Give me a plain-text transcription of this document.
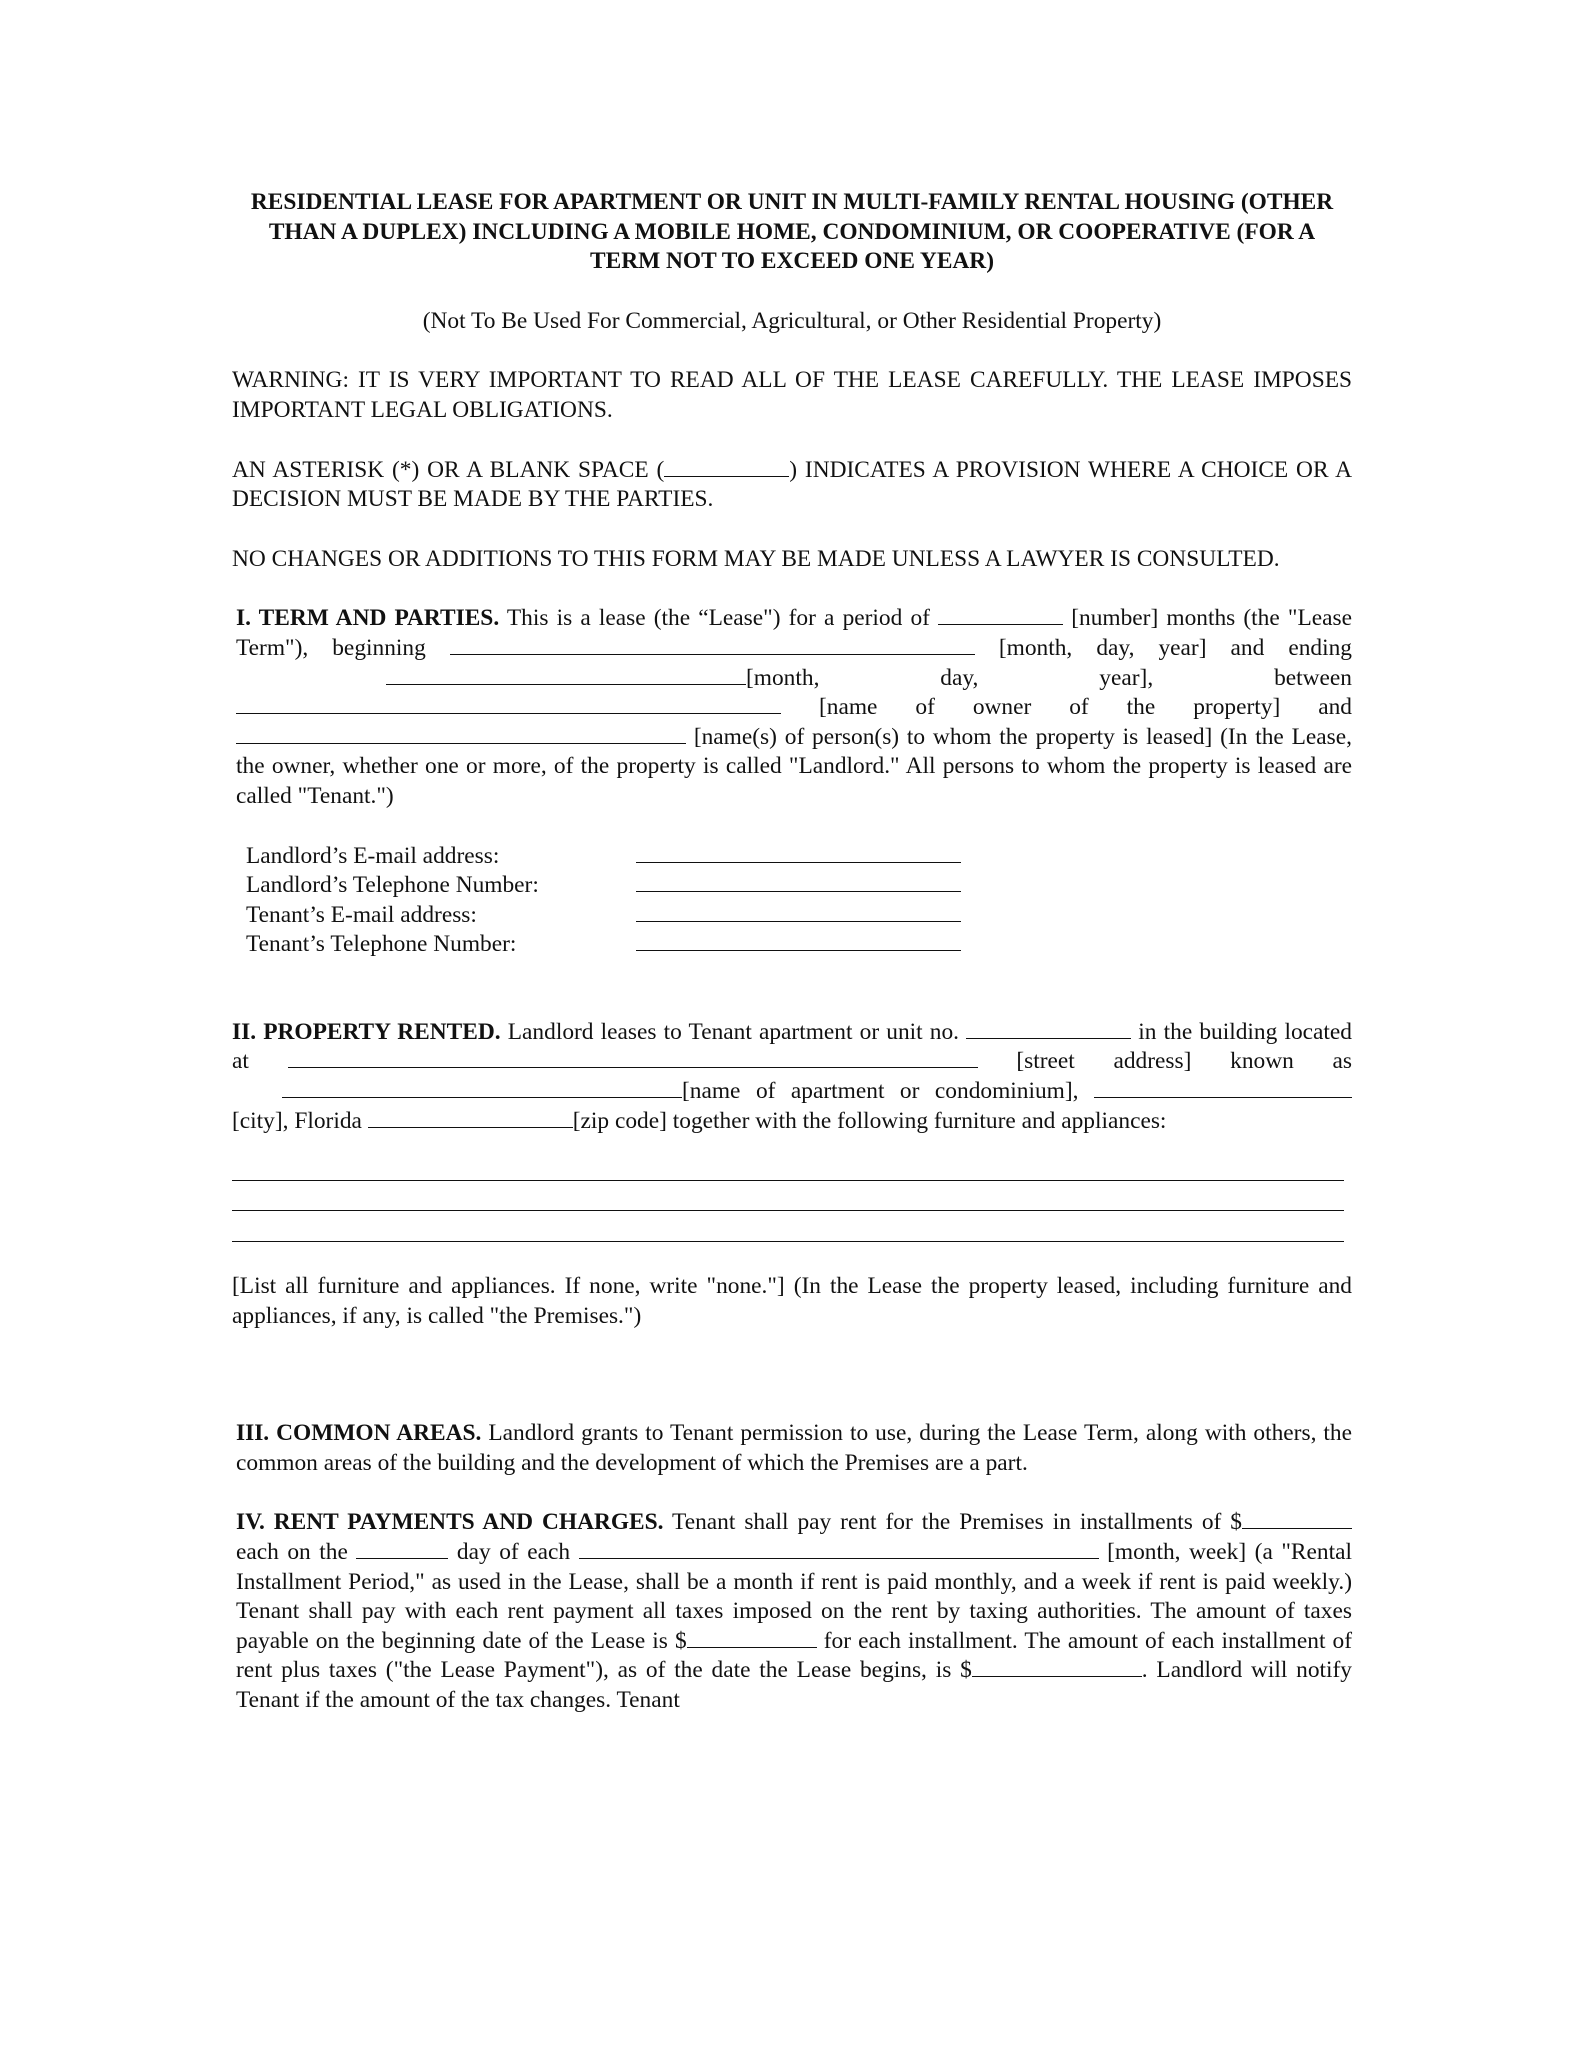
RESIDENTIAL LEASE FOR APARTMENT OR UNIT IN MULTI-FAMILY RENTAL HOUSING (OTHER THAN A DUPLEX) INCLUDING A MOBILE HOME, CONDOMINIUM, OR COOPERATIVE (FOR A TERM NOT TO EXCEED ONE YEAR)

(Not To Be Used For Commercial, Agricultural, or Other Residential Property)

WARNING: IT IS VERY IMPORTANT TO READ ALL OF THE LEASE CAREFULLY. THE LEASE IMPOSES IMPORTANT LEGAL OBLIGATIONS.

AN ASTERISK (*) OR A BLANK SPACE (	) INDICATES A PROVISION WHERE A CHOICE OR A DECISION MUST BE MADE BY THE PARTIES.

NO CHANGES OR ADDITIONS TO THIS FORM MAY BE MADE UNLESS A LAWYER IS CONSULTED.

I. TERM AND PARTIES. This is a lease (the “Lease") for a period of	[number] months (the "Lease Term"), beginning	[month, day, year] and ending [month, day, year], between  [name of owner of the property] and  [name(s) of person(s) to whom the property is leased] (In the Lease, the owner, whether one or more, of the property is called "Landlord." All persons to whom the property is leased are called "Tenant.")

Landlord’s E-mail address:	
Landlord’s Telephone Number:	
Tenant’s E-mail address:	
Tenant’s Telephone Number:	

II. PROPERTY RENTED. Landlord leases to Tenant apartment or unit no.	in the building located at	[street address] known as [name of apartment or condominium], [city], Florida	[zip code] together with the following furniture and appliances:

[List all furniture and appliances. If none, write "none."] (In the Lease the property leased, including furniture and appliances, if any, is called "the Premises.")

III. COMMON AREAS. Landlord grants to Tenant permission to use, during the Lease Term, along with others, the common areas of the building and the development of which the Premises are a part.

IV. RENT PAYMENTS AND CHARGES. Tenant shall pay rent for the Premises in installments of $ each on the	day of each	[month, week] (a "Rental Installment Period," as used in the Lease, shall be a month if rent is paid monthly, and a week if rent is paid weekly.) Tenant shall pay with each rent payment all taxes imposed on the rent by taxing authorities. The amount of taxes payable on the beginning date of the Lease is $	for each installment. The amount of each installment of rent plus taxes ("the Lease Payment"), as of the date the Lease begins, is $	. Landlord will notify Tenant if the amount of the tax changes. Tenant
